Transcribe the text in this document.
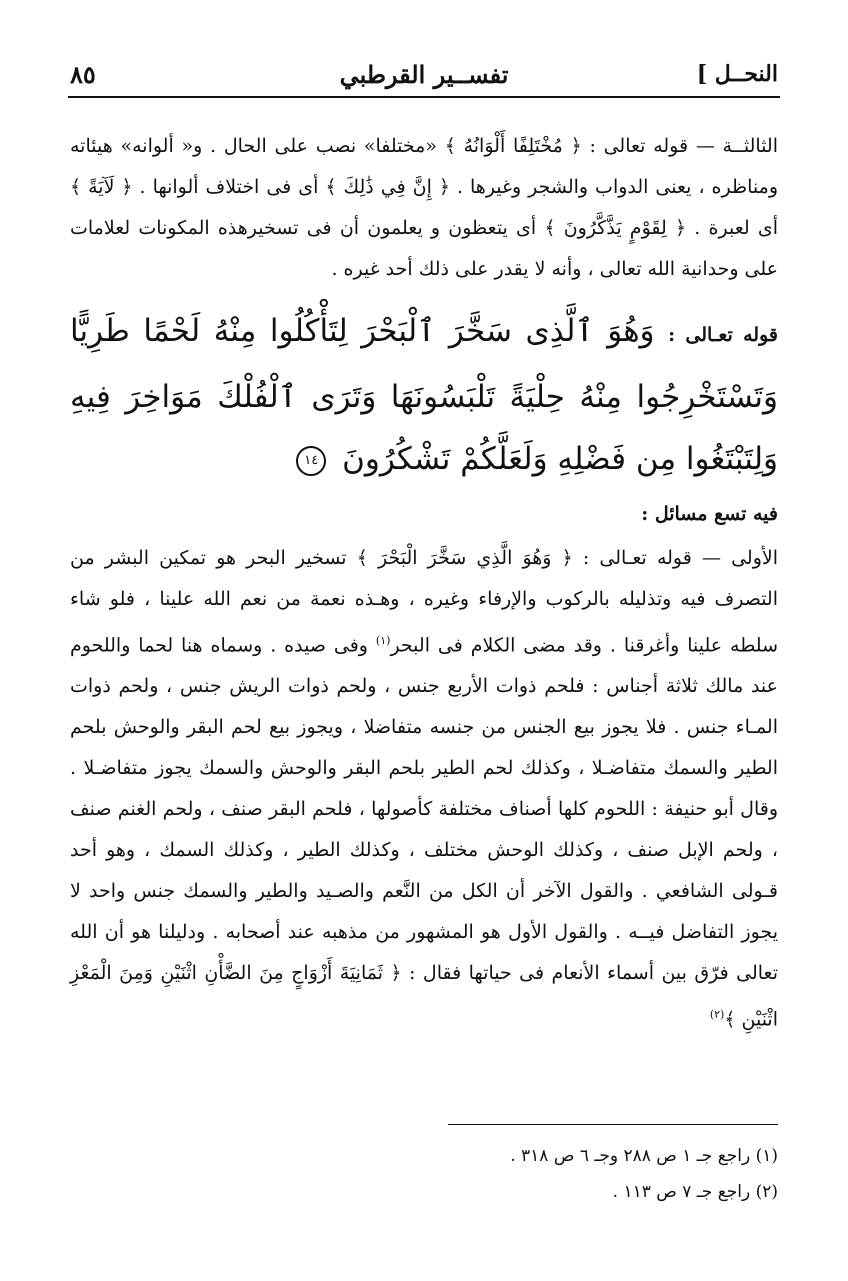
النحــل ]
تفســير القرطبي
٨٥

الثالثــة — قوله تعالى : ﴿ مُخْتَلِفًا أَلْوَانُهُ ﴾ «مختلفا» نصب على الحال . و« ألوانه» هيئاته ومناظره ، يعنى الدواب والشجر وغيرها . ﴿ إِنَّ فِي ذَٰلِكَ ﴾ أى فى اختلاف ألوانها . ﴿ لَآيَةً ﴾ أى لعبرة . ﴿ لِقَوْمٍ يَذَّكَّرُونَ ﴾ أى يتعظون و يعلمون أن فى تسخيرهذه المكونات لعلامات على وحدانية الله تعالى ، وأنه لا يقدر على ذلك أحد غيره .

قوله تعـالى : وَهُوَ ٱلَّذِى سَخَّرَ ٱلْبَحْرَ لِتَأْكُلُوا مِنْهُ لَحْمًا طَرِيًّا وَتَسْتَخْرِجُوا مِنْهُ حِلْيَةً تَلْبَسُونَهَا وَتَرَى ٱلْفُلْكَ مَوَاخِرَ فِيهِ وَلِتَبْتَغُوا مِن فَضْلِهِ وَلَعَلَّكُمْ تَشْكُرُونَ ١٤

فيه تسع مسائل :

الأولى — قوله تعـالى : ﴿ وَهُوَ الَّذِي سَخَّرَ الْبَحْرَ ﴾ تسخير البحر هو تمكين البشر من التصرف فيه وتذليله بالركوب والإرفاء وغيره ، وهـذه نعمة من نعم الله علينا ، فلو شاء سلطه علينا وأغرقنا . وقد مضى الكلام فى البحر$^{(١)}$ وفى صيده . وسماه هنا لحما واللحوم عند مالك ثلاثة أجناس : فلحم ذوات الأربع جنس ، ولحم ذوات الريش جنس ، ولحم ذوات المـاء جنس . فلا يجوز بيع الجنس من جنسه متفاضلا ، ويجوز بيع لحم البقر والوحش بلحم الطير والسمك متفاضـلا ، وكذلك لحم الطير بلحم البقر والوحش والسمك يجوز متفاضـلا . وقال أبو حنيفة : اللحوم كلها أصناف مختلفة كأصولها ، فلحم البقر صنف ، ولحم الغنم صنف ، ولحم الإبل صنف ، وكذلك الوحش مختلف ، وكذلك الطير ، وكذلك السمك ، وهو أحد قـولى الشافعي . والقول الآخر أن الكل من النَّعم والصـيد والطير والسمك جنس واحد لا يجوز التفاضل فيــه . والقول الأول هو المشهور من مذهبه عند أصحابه . ودليلنا هو أن الله تعالى فرّق بين أسماء الأنعام فى حياتها فقال : ﴿ ثَمَانِيَةَ أَزْوَاجٍ مِنَ الضَّأْنِ اثْنَيْنِ وَمِنَ الْمَعْزِ اثْنَيْنِ ﴾$^{(٢)}$

(١) راجع جـ ١ ص ٢٨٨ وجـ ٦ ص ٣١٨ .
(٢) راجع جـ ٧ ص ١١٣ .
